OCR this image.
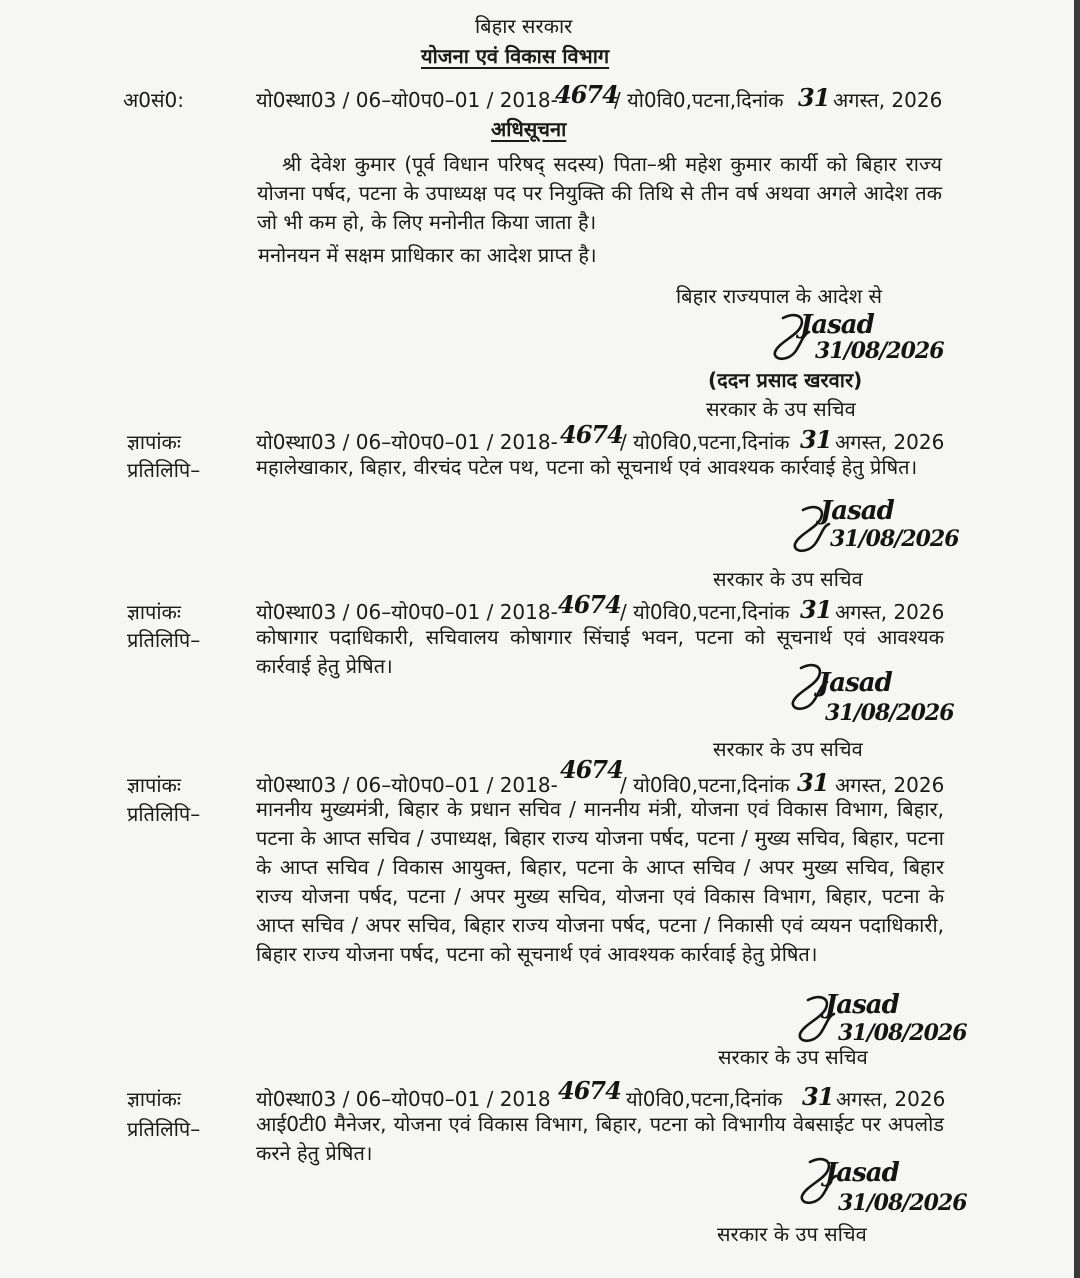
बिहार सरकार
योजना एवं विकास विभाग
अ0सं0:	यो0स्था03 / 06–यो0प0–01 / 2018-
4674
/ यो0वि0,पटना,दिनांक 31 अगस्त, 2026
अधिसूचना
श्री देवेश कुमार (पूर्व विधान परिषद् सदस्य) पिता–श्री महेश कुमार कार्यी को बिहार राज्य योजना पर्षद, पटना के उपाध्यक्ष पद पर नियुक्ति की तिथि से तीन वर्ष अथवा अगले आदेश तक जो भी कम हो, के लिए मनोनीत किया जाता है।
मनोनयन में सक्षम प्राधिकार का आदेश प्राप्त है।
बिहार राज्यपाल के आदेश से
Jasad
31/08/2026
(ददन प्रसाद खरवार)
सरकार के उप सचिव
ज्ञापांकः	यो0स्था03 / 06–यो0प0–01 / 2018- 4674
/ यो0वि0,पटना,दिनांक 31 अगस्त, 2026
प्रतिलिपि–	महालेखाकार, बिहार, वीरचंद पटेल पथ, पटना को सूचनार्थ एवं आवश्यक कार्रवाई हेतु प्रेषित।
Jasad
31/08/2026
सरकार के उप सचिव
ज्ञापांकः	यो0स्था03 / 06–यो0प0–01 / 2018- 4674 / यो0वि0,पटना,दिनांक 31 अगस्त, 2026
प्रतिलिपि–	कोषागार पदाधिकारी, सचिवालय कोषागार सिंचाई भवन, पटना को सूचनार्थ एवं आवश्यक कार्रवाई हेतु प्रेषित।
Jasad
31/08/2026
सरकार के उप सचिव
ज्ञापांकः	यो0स्था03 / 06–यो0प0–01 / 2018-
4674
/ यो0वि0,पटना,दिनांक 31 अगस्त, 2026
प्रतिलिपि–	माननीय मुख्यमंत्री, बिहार के प्रधान सचिव / माननीय मंत्री, योजना एवं विकास विभाग, बिहार, पटना के आप्त सचिव / उपाध्यक्ष, बिहार राज्य योजना पर्षद, पटना / मुख्य सचिव, बिहार, पटना के आप्त सचिव / विकास आयुक्त, बिहार, पटना के आप्त सचिव / अपर मुख्य सचिव, बिहार राज्य योजना पर्षद, पटना / अपर मुख्य सचिव, योजना एवं विकास विभाग, बिहार, पटना के आप्त सचिव / अपर सचिव, बिहार राज्य योजना पर्षद, पटना / निकासी एवं व्ययन पदाधिकारी, बिहार राज्य योजना पर्षद, पटना को सूचनार्थ एवं आवश्यक कार्रवाई हेतु प्रेषित।
Jasad
31/08/2026
सरकार के उप सचिव
ज्ञापांकः	यो0स्था03 / 06–यो0प0–01 / 2018 4674 यो0वि0,पटना,दिनांक 31 अगस्त, 2026
प्रतिलिपि–	आई0टी0 मैनेजर, योजना एवं विकास विभाग, बिहार, पटना को विभागीय वेबसाईट पर अपलोड करने हेतु प्रेषित।
Jasad
31/08/2026
सरकार के उप सचिव
